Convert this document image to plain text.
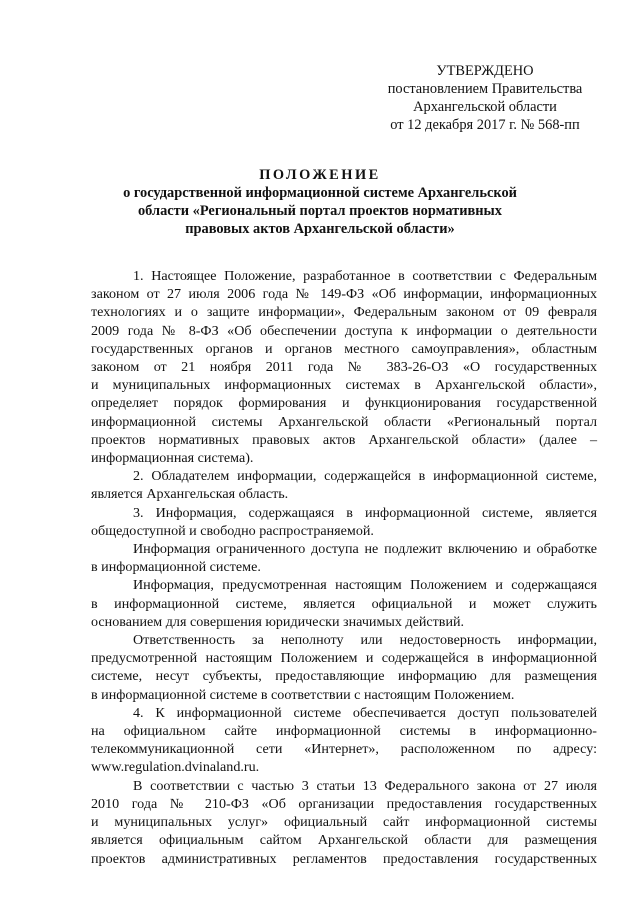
УТВЕРЖДЕНО
постановлением Правительства
Архангельской области
от 12 декабря 2017 г. № 568-пп
ПОЛОЖЕНИЕ
о государственной информационной системе Архангельской
области «Региональный портал проектов нормативных
правовых актов Архангельской области»
1. Настоящее Положение, разработанное в соответствии с Федеральным
законом от 27 июля 2006 года № 149-ФЗ «Об информации, информационных
технологиях и о защите информации», Федеральным законом от 09 февраля
2009 года № 8-ФЗ «Об обеспечении доступа к информации о деятельности
государственных органов и органов местного самоуправления», областным
законом от 21 ноября 2011 года № 383-26-ОЗ «О государственных
и муниципальных информационных системах в Архангельской области»,
определяет порядок формирования и функционирования государственной
информационной системы Архангельской области «Региональный портал
проектов нормативных правовых актов Архангельской области» (далее –
информационная система).
2. Обладателем информации, содержащейся в информационной системе,
является Архангельская область.
3. Информация, содержащаяся в информационной системе, является
общедоступной и свободно распространяемой.
Информация ограниченного доступа не подлежит включению и обработке
в информационной системе.
Информация, предусмотренная настоящим Положением и содержащаяся
в информационной системе, является официальной и может служить
основанием для совершения юридически значимых действий.
Ответственность за неполноту или недостоверность информации,
предусмотренной настоящим Положением и содержащейся в информационной
системе, несут субъекты, предоставляющие информацию для размещения
в информационной системе в соответствии с настоящим Положением.
4. К информационной системе обеспечивается доступ пользователей
на официальном сайте информационной системы в информационно-
телекоммуникационной сети «Интернет», расположенном по адресу:
www.regulation.dvinaland.ru.
В соответствии с частью 3 статьи 13 Федерального закона от 27 июля
2010 года № 210-ФЗ «Об организации предоставления государственных
и муниципальных услуг» официальный сайт информационной системы
является официальным сайтом Архангельской области для размещения
проектов административных регламентов предоставления государственных
